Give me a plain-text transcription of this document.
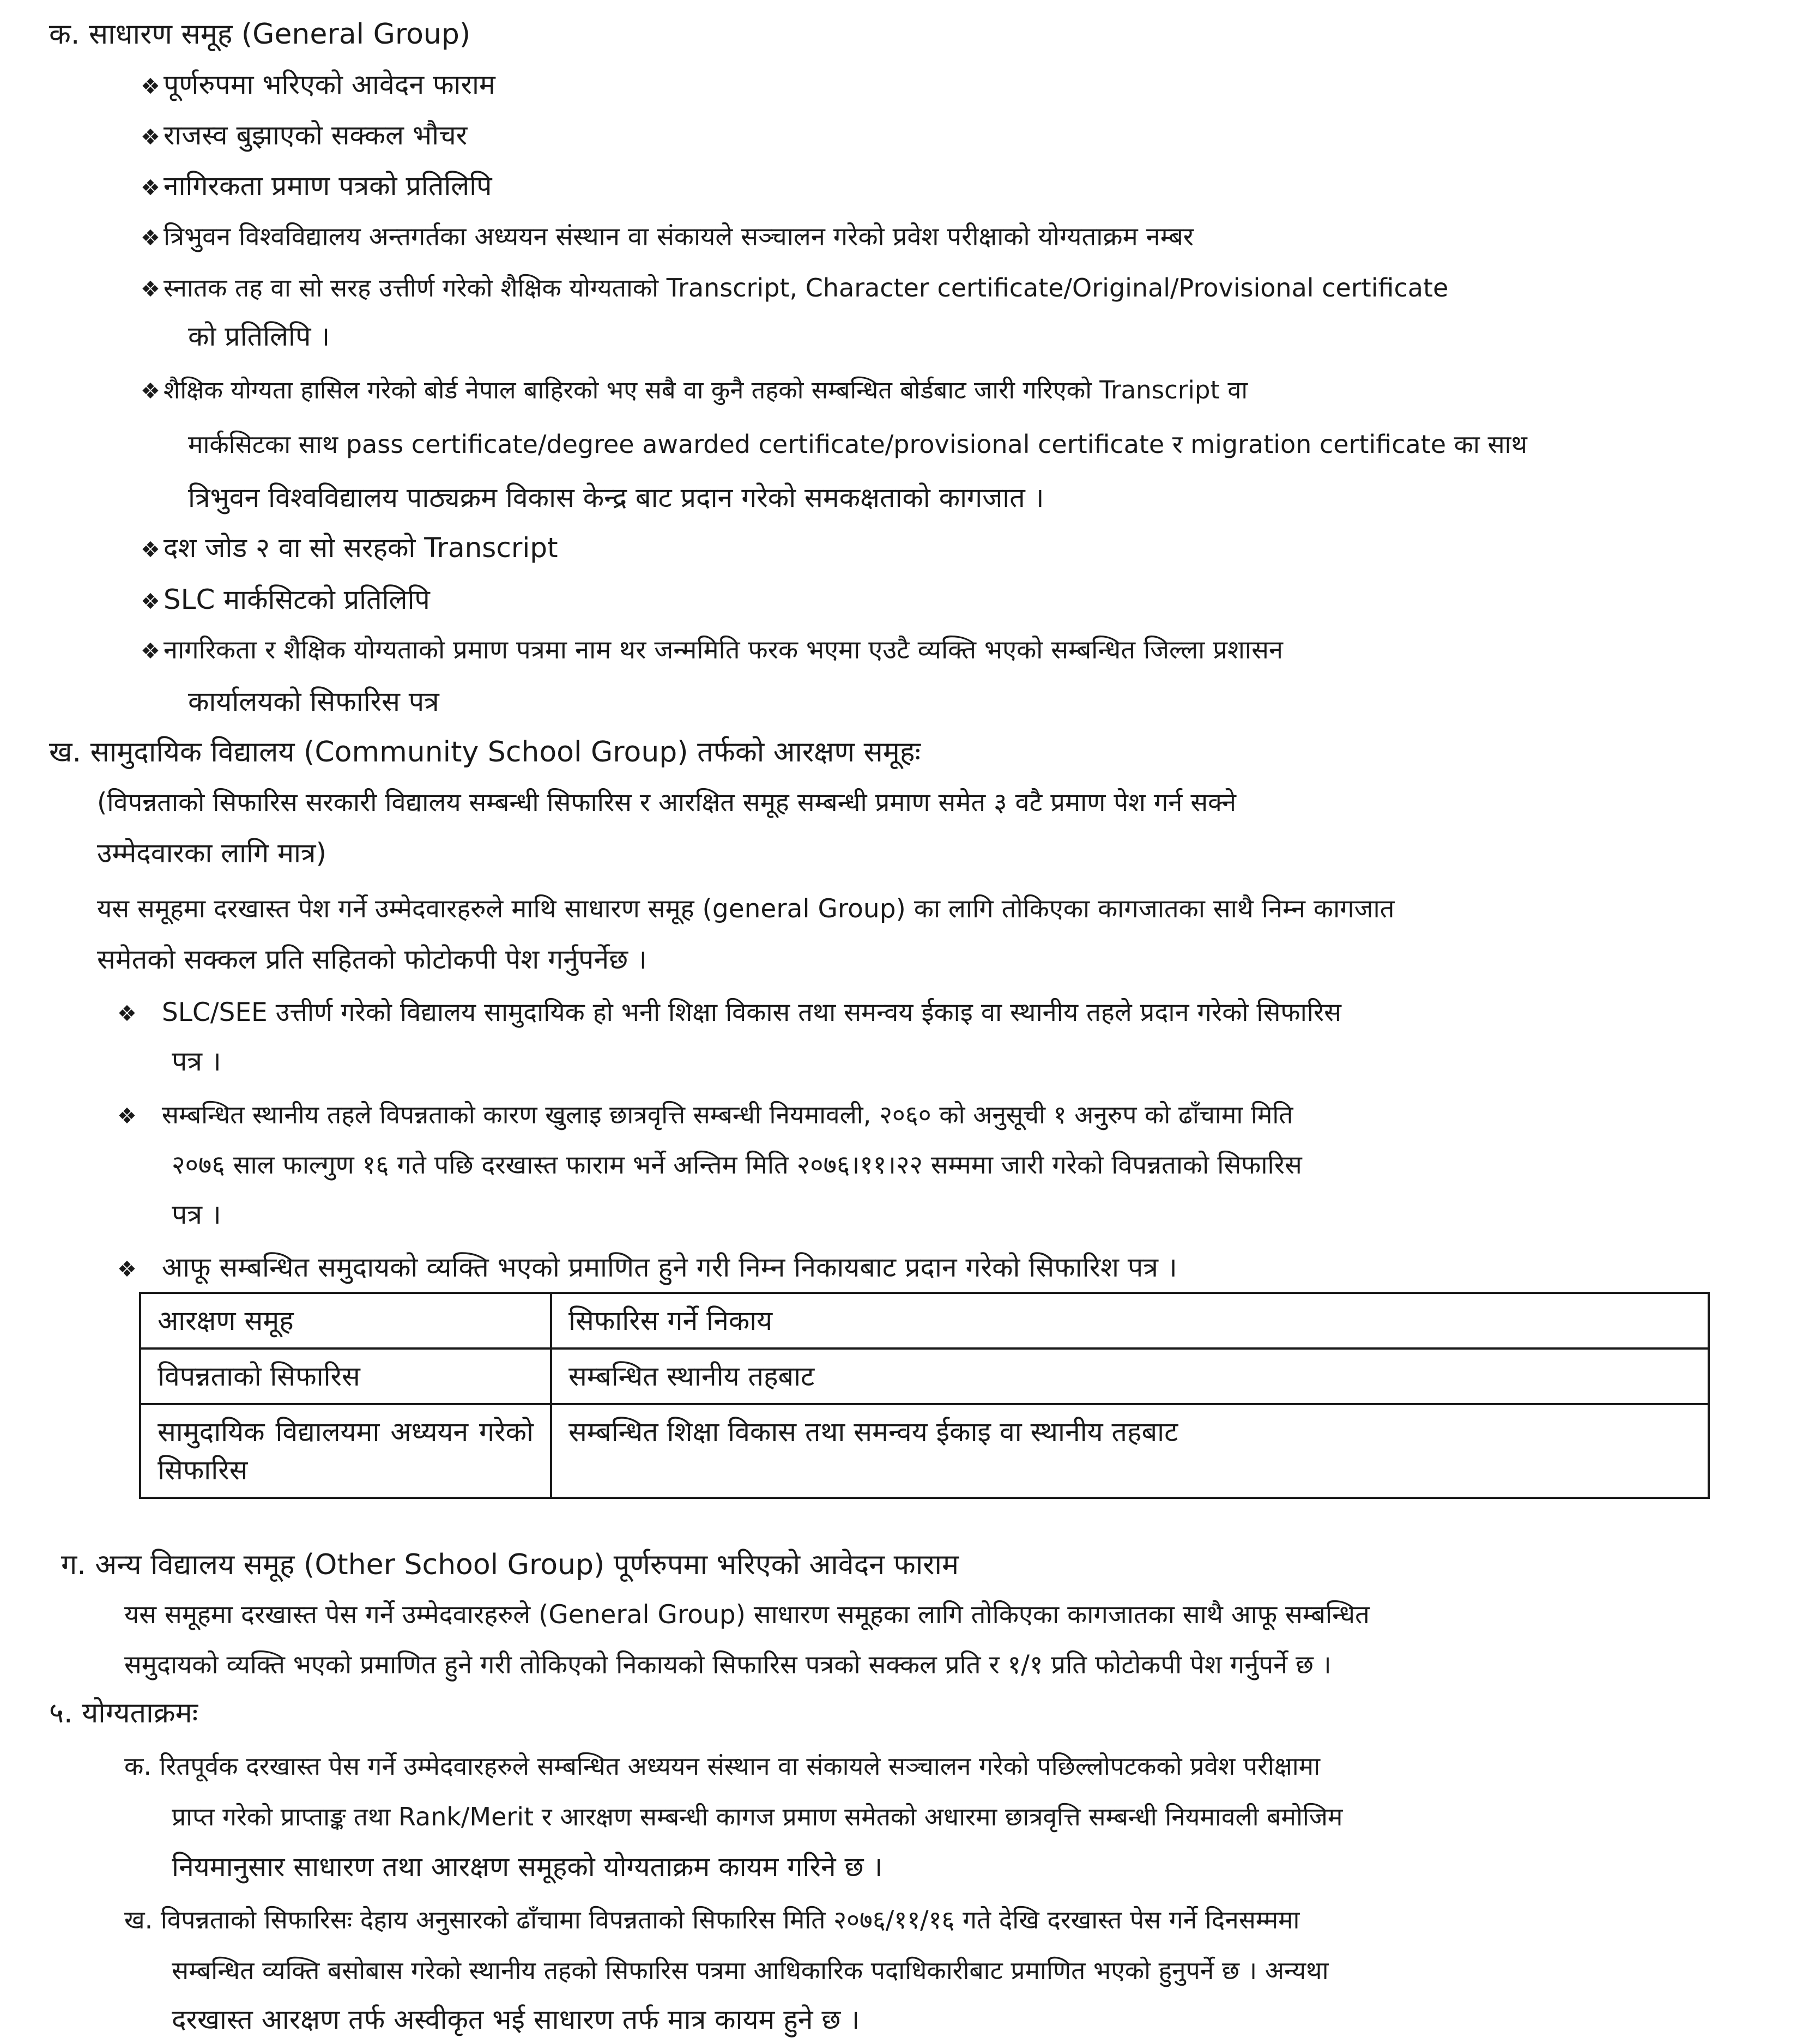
क. साधारण समूह (General Group)
❖ पूर्णरुपमा भरिएको आवेदन फाराम
❖ राजस्व बुझाएको सक्कल भौचर
❖ नागिरकता प्रमाण पत्रको प्रतिलिपि
❖ त्रिभुवन विश्वविद्यालय अन्तगर्तका अध्ययन संस्थान वा संकायले सञ्चालन गरेको प्रवेश परीक्षाको योग्यताक्रम नम्बर
❖ स्नातक तह वा सो सरह उत्तीर्ण गरेको शैक्षिक योग्यताको Transcript, Character certificate/Original/Provisional certificate
को प्रतिलिपि ।
❖ शैक्षिक योग्यता हासिल गरेको बोर्ड नेपाल बाहिरको भए सबै वा कुनै तहको सम्बन्धित बोर्डबाट जारी गरिएको Transcript वा
मार्कसिटका साथ pass certificate/degree awarded certificate/provisional certificate र migration certificate का साथ
त्रिभुवन विश्वविद्यालय पाठ्यक्रम विकास केन्द्र बाट प्रदान गरेको समकक्षताको कागजात ।
❖ दश जोड २ वा सो सरहको Transcript
❖ SLC मार्कसिटको प्रतिलिपि
❖ नागरिकता र शैक्षिक योग्यताको प्रमाण पत्रमा नाम थर जन्ममिति फरक भएमा एउटै व्यक्ति भएको सम्बन्धित जिल्ला प्रशासन
कार्यालयको सिफारिस पत्र
ख. सामुदायिक विद्यालय (Community School Group) तर्फको आरक्षण समूहः
(विपन्नताको सिफारिस सरकारी विद्यालय सम्बन्धी सिफारिस र आरक्षित समूह सम्बन्धी प्रमाण समेत ३ वटै प्रमाण पेश गर्न सक्ने
उम्मेदवारका लागि मात्र)
यस समूहमा दरखास्त पेश गर्ने उम्मेदवारहरुले माथि साधारण समूह (general Group) का लागि तोकिएका कागजातका साथै निम्न कागजात
समेतको सक्कल प्रति सहितको फोटोकपी पेश गर्नुपर्नेछ ।
❖ SLC/SEE उत्तीर्ण गरेको विद्यालय सामुदायिक हो भनी शिक्षा विकास तथा समन्वय ईकाइ वा स्थानीय तहले प्रदान गरेको सिफारिस
पत्र ।
❖ सम्बन्धित स्थानीय तहले विपन्नताको कारण खुलाइ छात्रवृत्ति सम्बन्धी नियमावली, २०६० को अनुसूची १ अनुरुप को ढाँचामा मिति
२०७६ साल फाल्गुण १६ गते पछि दरखास्त फाराम भर्ने अन्तिम मिति २०७६।११।२२ सम्ममा जारी गरेको विपन्नताको सिफारिस
पत्र ।
❖ आफू सम्बन्धित समुदायको व्यक्ति भएको प्रमाणित हुने गरी निम्न निकायबाट प्रदान गरेको सिफारिश पत्र ।
आरक्षण समूह	सिफारिस गर्ने निकाय
विपन्नताको सिफारिस	सम्बन्धित स्थानीय तहबाट
सामुदायिक विद्यालयमा अध्ययन गरेको सिफारिस	सम्बन्धित शिक्षा विकास तथा समन्वय ईकाइ वा स्थानीय तहबाट
ग. अन्य विद्यालय समूह (Other School Group) पूर्णरुपमा भरिएको आवेदन फाराम
यस समूहमा दरखास्त पेस गर्ने उम्मेदवारहरुले (General Group) साधारण समूहका लागि तोकिएका कागजातका साथै आफू सम्बन्धित
समुदायको व्यक्ति भएको प्रमाणित हुने गरी तोकिएको निकायको सिफारिस पत्रको सक्कल प्रति र १/१ प्रति फोटोकपी पेश गर्नुपर्ने छ ।
५. योग्यताक्रमः
क. रितपूर्वक दरखास्त पेस गर्ने उम्मेदवारहरुले सम्बन्धित अध्ययन संस्थान वा संकायले सञ्चालन गरेको पछिल्लोपटकको प्रवेश परीक्षामा
प्राप्त गरेको प्राप्ताङ्क तथा Rank/Merit र आरक्षण सम्बन्धी कागज प्रमाण समेतको अधारमा छात्रवृत्ति सम्बन्धी नियमावली बमोजिम
नियमानुसार साधारण तथा आरक्षण समूहको योग्यताक्रम कायम गरिने छ ।
ख. विपन्नताको सिफारिसः देहाय अनुसारको ढाँचामा विपन्नताको सिफारिस मिति २०७६/११/१६ गते देखि दरखास्त पेस गर्ने दिनसम्ममा
सम्बन्धित व्यक्ति बसोबास गरेको स्थानीय तहको सिफारिस पत्रमा आधिकारिक पदाधिकारीबाट प्रमाणित भएको हुनुपर्ने छ । अन्यथा
दरखास्त आरक्षण तर्फ अस्वीकृत भई साधारण तर्फ मात्र कायम हुने छ ।
